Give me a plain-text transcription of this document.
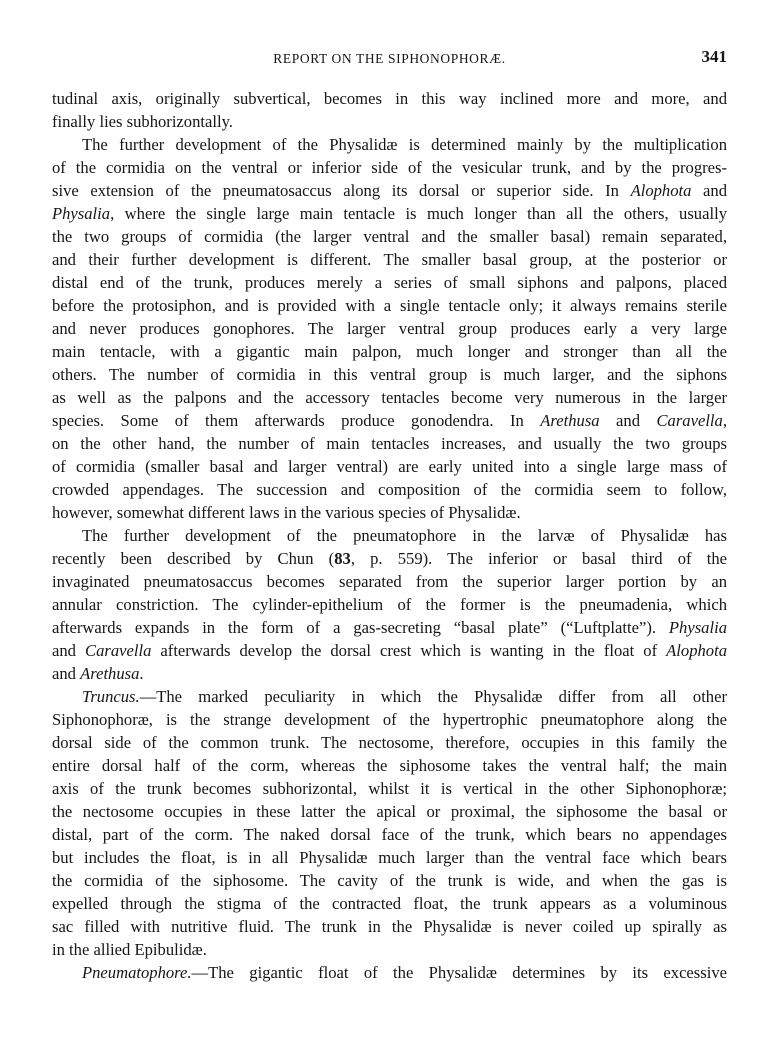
REPORT ON THE SIPHONOPHORÆ.	341
tudinal axis, originally subvertical, becomes in this way inclined more and more, and
finally lies subhorizontally.
The further development of the Physalidæ is determined mainly by the multiplication
of the cormidia on the ventral or inferior side of the vesicular trunk, and by the progres-
sive extension of the pneumatosaccus along its dorsal or superior side. In Alophota and
Physalia, where the single large main tentacle is much longer than all the others, usually
the two groups of cormidia (the larger ventral and the smaller basal) remain separated,
and their further development is different. The smaller basal group, at the posterior or
distal end of the trunk, produces merely a series of small siphons and palpons, placed
before the protosiphon, and is provided with a single tentacle only; it always remains sterile
and never produces gonophores. The larger ventral group produces early a very large
main tentacle, with a gigantic main palpon, much longer and stronger than all the
others. The number of cormidia in this ventral group is much larger, and the siphons
as well as the palpons and the accessory tentacles become very numerous in the larger
species. Some of them afterwards produce gonodendra. In Arethusa and Caravella,
on the other hand, the number of main tentacles increases, and usually the two groups
of cormidia (smaller basal and larger ventral) are early united into a single large mass of
crowded appendages. The succession and composition of the cormidia seem to follow,
however, somewhat different laws in the various species of Physalidæ.
The further development of the pneumatophore in the larvæ of Physalidæ has
recently been described by Chun (83, p. 559). The inferior or basal third of the
invaginated pneumatosaccus becomes separated from the superior larger portion by an
annular constriction. The cylinder-epithelium of the former is the pneumadenia, which
afterwards expands in the form of a gas-secreting “basal plate” (“Luftplatte”). Physalia
and Caravella afterwards develop the dorsal crest which is wanting in the float of Alophota
and Arethusa.
Truncus.—The marked peculiarity in which the Physalidæ differ from all other
Siphonophoræ, is the strange development of the hypertrophic pneumatophore along the
dorsal side of the common trunk. The nectosome, therefore, occupies in this family the
entire dorsal half of the corm, whereas the siphosome takes the ventral half; the main
axis of the trunk becomes subhorizontal, whilst it is vertical in the other Siphonophoræ;
the nectosome occupies in these latter the apical or proximal, the siphosome the basal or
distal, part of the corm. The naked dorsal face of the trunk, which bears no appendages
but includes the float, is in all Physalidæ much larger than the ventral face which bears
the cormidia of the siphosome. The cavity of the trunk is wide, and when the gas is
expelled through the stigma of the contracted float, the trunk appears as a voluminous
sac filled with nutritive fluid. The trunk in the Physalidæ is never coiled up spirally as
in the allied Epibulidæ.
Pneumatophore.—The gigantic float of the Physalidæ determines by its excessive
